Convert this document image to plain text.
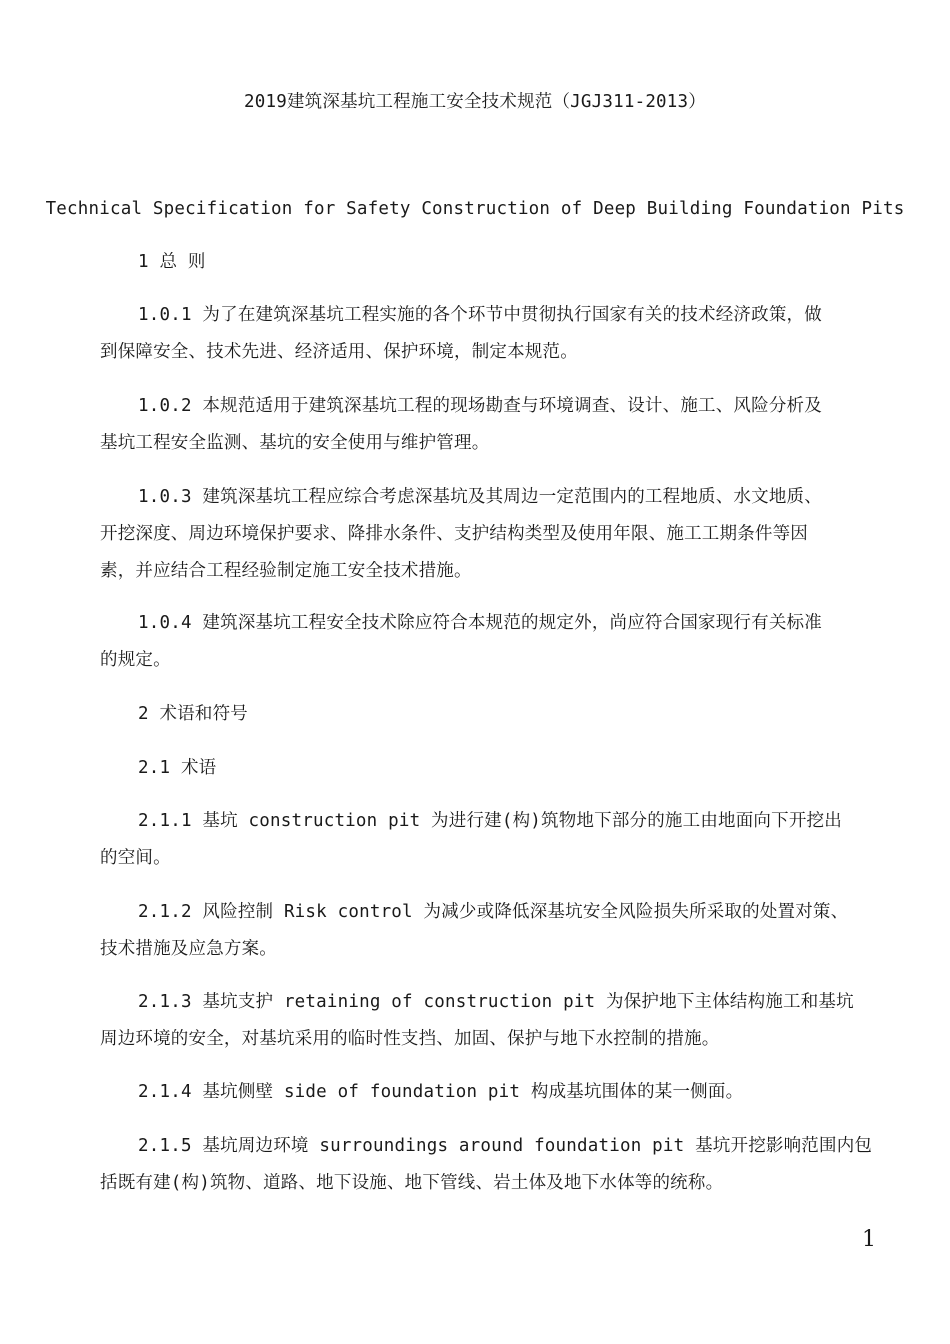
2019建筑深基坑工程施工安全技术规范（JGJ311-2013）

Technical Specification for Safety Construction of Deep Building Foundation Pits

1 总 则

1.0.1 为了在建筑深基坑工程实施的各个环节中贯彻执行国家有关的技术经济政策，做

到保障安全、技术先进、经济适用、保护环境，制定本规范。

1.0.2 本规范适用于建筑深基坑工程的现场勘查与环境调查、设计、施工、风险分析及

基坑工程安全监测、基坑的安全使用与维护管理。

1.0.3 建筑深基坑工程应综合考虑深基坑及其周边一定范围内的工程地质、水文地质、

开挖深度、周边环境保护要求、降排水条件、支护结构类型及使用年限、施工工期条件等因

素，并应结合工程经验制定施工安全技术措施。

1.0.4 建筑深基坑工程安全技术除应符合本规范的规定外，尚应符合国家现行有关标准

的规定。

2 术语和符号

2.1 术语

2.1.1 基坑 construction pit 为进行建(构)筑物地下部分的施工由地面向下开挖出

的空间。

2.1.2 风险控制 Risk control 为减少或降低深基坑安全风险损失所采取的处置对策、

技术措施及应急方案。

2.1.3 基坑支护 retaining of construction pit 为保护地下主体结构施工和基坑

周边环境的安全，对基坑采用的临时性支挡、加固、保护与地下水控制的措施。

2.1.4 基坑侧壁 side of foundation pit 构成基坑围体的某一侧面。

2.1.5 基坑周边环境 surroundings around foundation pit 基坑开挖影响范围内包

括既有建(构)筑物、道路、地下设施、地下管线、岩土体及地下水体等的统称。

1
